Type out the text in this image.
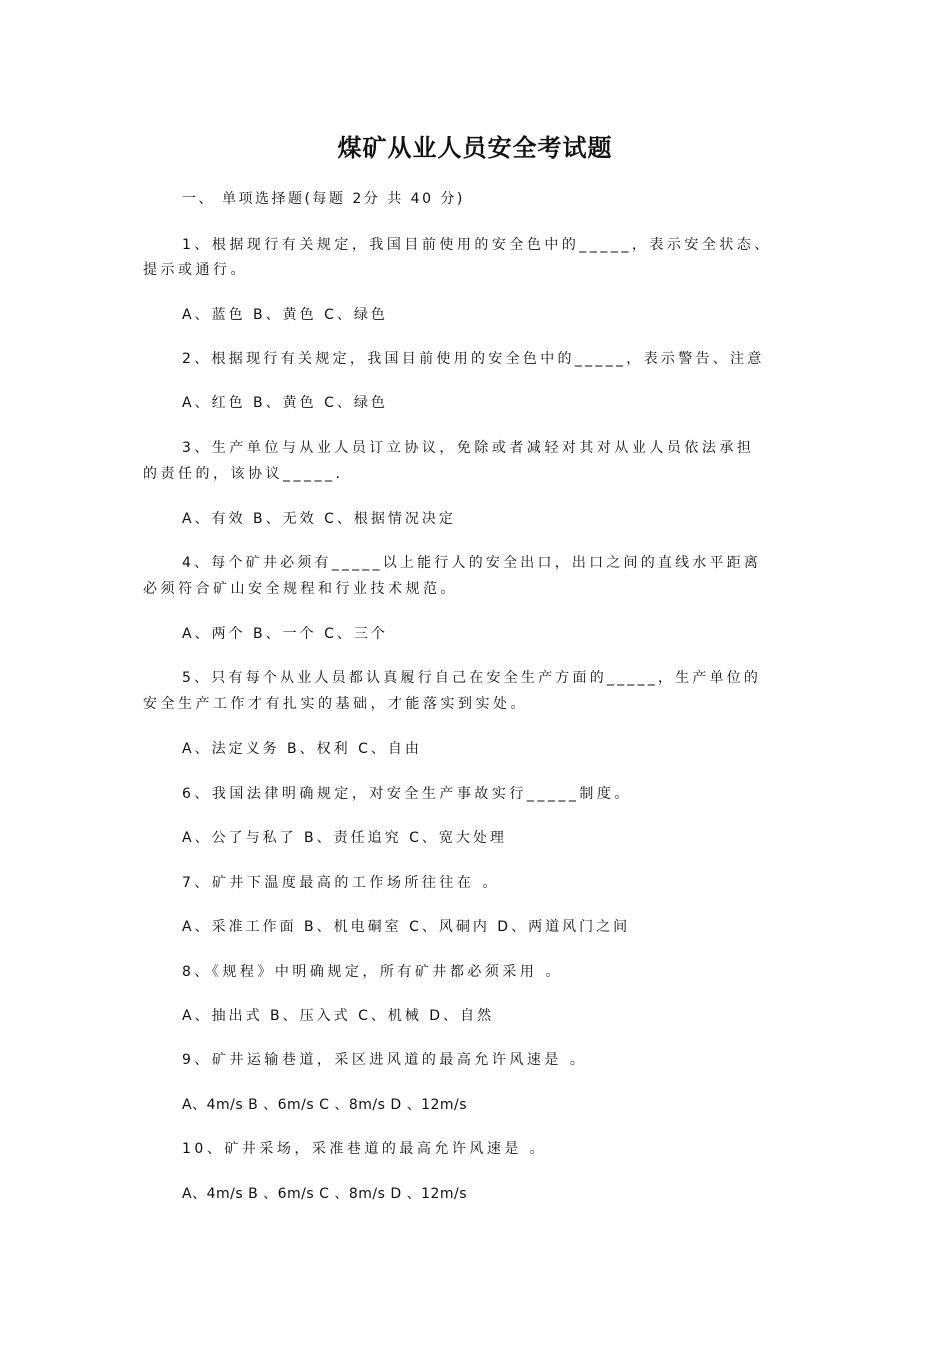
煤矿从业人员安全考试题

一、 单项选择题(每题 2分 共 40 分)

1、根据现行有关规定，我国目前使用的安全色中的_____，表示安全状态、

提示或通行。

A、蓝色 B、黄色 C、绿色

2、根据现行有关规定，我国目前使用的安全色中的_____，表示警告、注意

A、红色 B、黄色 C、绿色

3、生产单位与从业人员订立协议，免除或者减轻对其对从业人员依法承担

的责任的，该协议_____.

A、有效 B、无效 C、根据情况决定

4、每个矿井必须有_____以上能行人的安全出口，出口之间的直线水平距离

必须符合矿山安全规程和行业技术规范。

A、两个 B、一个 C、三个

5、只有每个从业人员都认真履行自己在安全生产方面的_____，生产单位的

安全生产工作才有扎实的基础，才能落实到实处。

A、法定义务 B、权利 C、自由

6、我国法律明确规定，对安全生产事故实行_____制度。

A、公了与私了 B、责任追究 C、宽大处理

7、矿井下温度最高的工作场所往往在 。

A、采准工作面 B、机电硐室 C、风硐内 D、两道风门之间

8、《规程》中明确规定，所有矿井都必须采用 。

A、抽出式 B、压入式 C、机械 D、自然

9、矿井运输巷道，采区进风道的最高允许风速是 。

A、4m/s B 、6m/s C 、8m/s D 、12m/s

10、矿井采场，采准巷道的最高允许风速是 。

A、4m/s B 、6m/s C 、8m/s D 、12m/s
